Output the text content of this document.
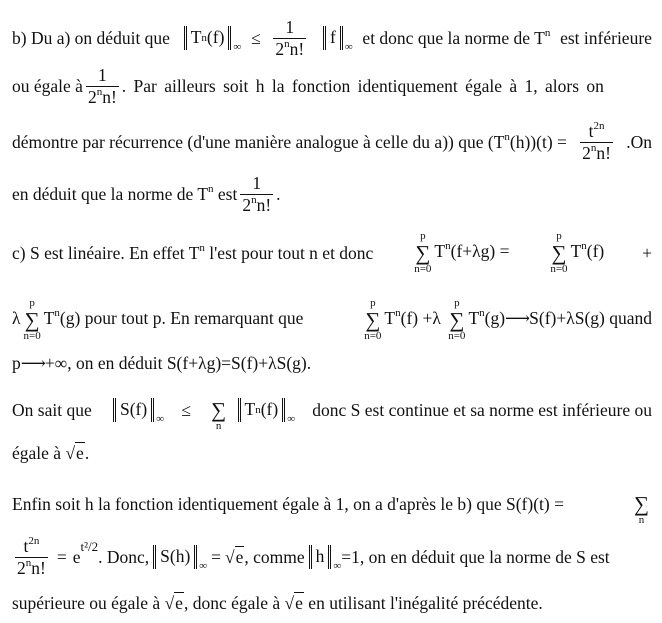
b) Du a) on déduit que T n (f) $_\infty \le \frac{1}{2^nn!}$ f $_\infty$ et donc que la norme de $T^n$ est inférieure
ou égale à $\frac{1}{2^nn!}$ . Par ailleurs soit h la fonction identiquement égale à 1, alors on
démontre par récurrence (d'une manière analogue à celle du a)) que $(T^n(h))(t) = \frac{t^{2n}}{2^nn!} .On$
en déduit que la norme de $T^n$ est $\frac{1}{2^nn!}$ .
c) S est linéaire. En effet $T^n$ l'est pour tout n et donc
p
∑
n=0
$T^n(f+\lambda g)$ =
p
∑
n=0
$T^n(f)$ +
λ
p
∑
n=0
$T^n(g)$ pour tout p. En remarquant que
p
∑
n=0
$T^n(f) +\lambda$
p
∑
n=0
$T^n(g)⟶S(f)+\lambda S(g)$ quand
p⟶+∞, on en déduit S(f+λg)=S(f)+λS(g).
On sait que S(f) $_\infty$ ≤
∑
n
T n (f) $_\infty$ donc S est continue et sa norme est inférieure ou
égale à
√e .
Enfin soit h la fonction identiquement égale à 1, on a d'après le b) que S(f)(t) =
	∑
n
$\frac{t^{2n}}{2^nn!} = e^{t^2/2}$
. Donc, S(h) $_\infty$ = √e , comme h $_\infty$ =1, on en déduit que la norme de S est
supérieure ou égale à
√e , donc égale à
√e
en utilisant l'inégalité précédente.
